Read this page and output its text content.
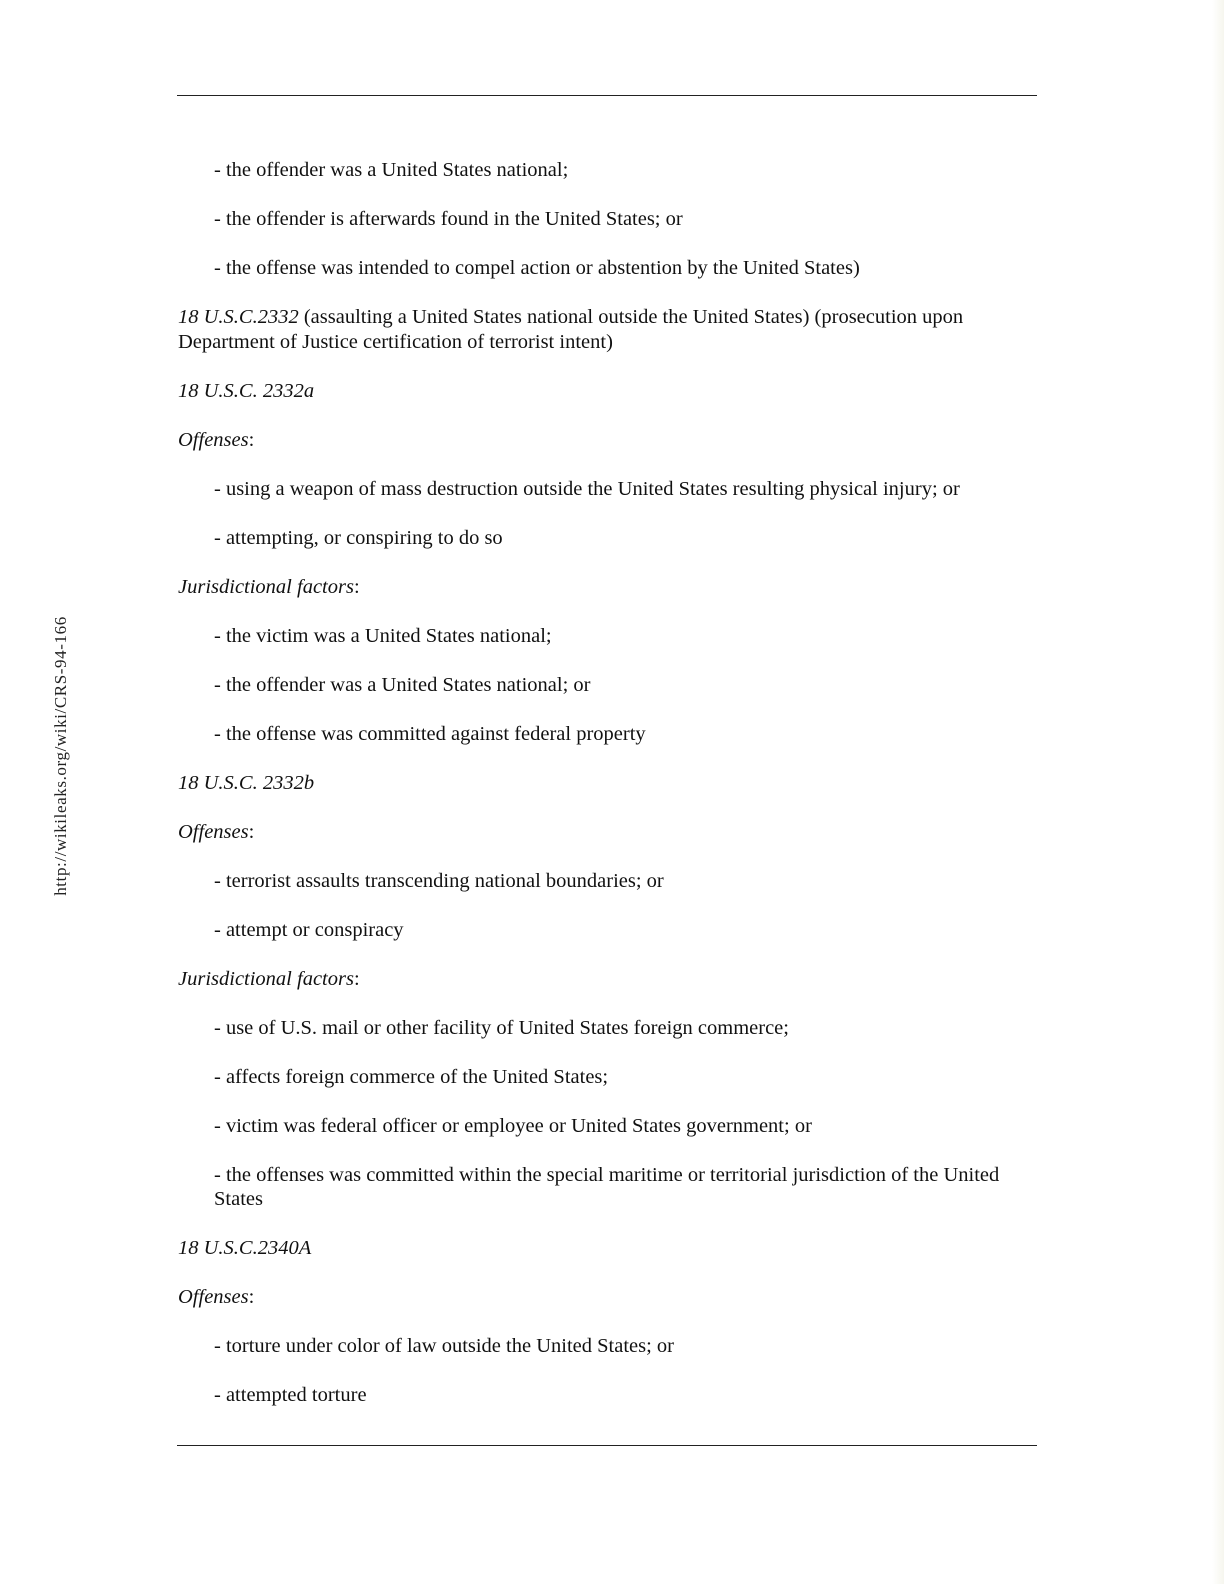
http://wikileaks.org/wiki/CRS-94-166

- the offender was a United States national;

- the offender is afterwards found in the United States; or

- the offense was intended to compel action or abstention by the United States)

18 U.S.C.2332 (assaulting a United States national outside the United States) (prosecution upon Department of Justice certification of terrorist intent)

18 U.S.C. 2332a

Offenses:

- using a weapon of mass destruction outside the United States resulting physical injury; or

- attempting, or conspiring to do so

Jurisdictional factors:

- the victim was a United States national;

- the offender was a United States national; or

- the offense was committed against federal property

18 U.S.C. 2332b

Offenses:

- terrorist assaults transcending national boundaries; or

- attempt or conspiracy

Jurisdictional factors:

- use of U.S. mail or other facility of United States foreign commerce;

- affects foreign commerce of the United States;

- victim was federal officer or employee or United States government; or

- the offenses was committed within the special maritime or territorial jurisdiction of the United States

18 U.S.C.2340A

Offenses:

- torture under color of law outside the United States; or

- attempted torture
